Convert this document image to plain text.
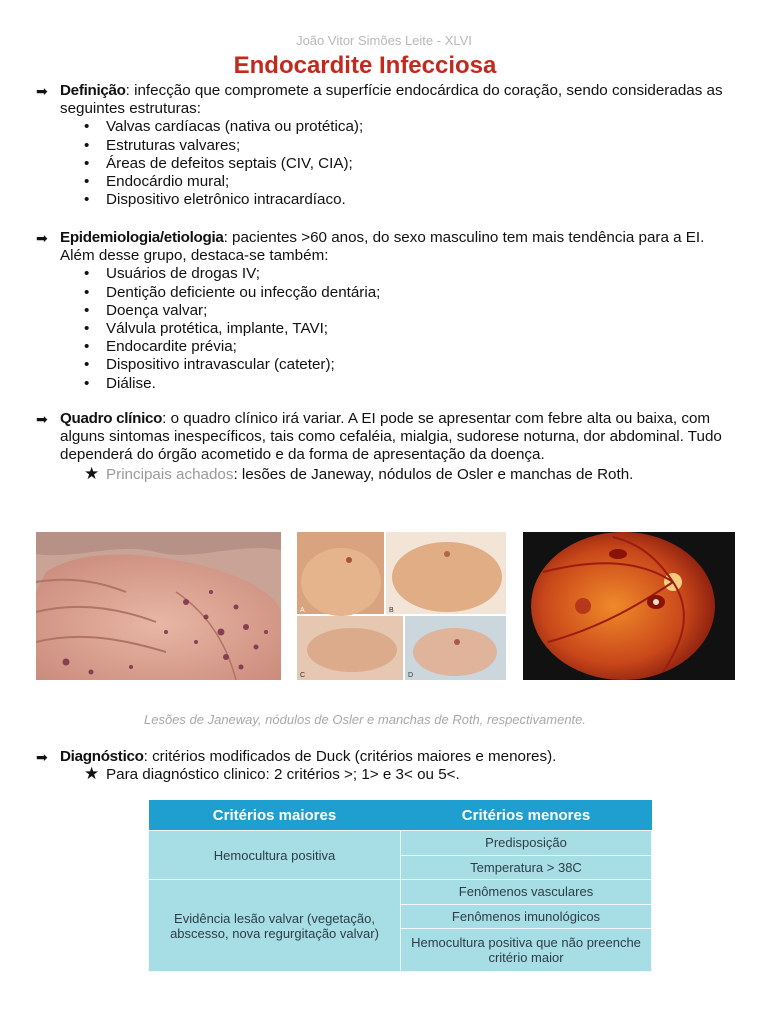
João Vitor Simões Leite - XLVI
Endocardite Infecciosa
➡ Definição: infecção que compromete a superfície endocárdica do coração, sendo consideradas as seguintes estruturas:
• Valvas cardíacas (nativa ou protética);
• Estruturas valvares;
• Áreas de defeitos septais (CIV, CIA);
• Endocárdio mural;
• Dispositivo eletrônico intracardíaco.
➡ Epidemiologia/etiologia: pacientes >60 anos, do sexo masculino tem mais tendência para a EI. Além desse grupo, destaca-se também:
• Usuários de drogas IV;
• Dentição deficiente ou infecção dentária;
• Doença valvar;
• Válvula protética, implante, TAVI;
• Endocardite prévia;
• Dispositivo intravascular (cateter);
• Diálise.
➡ Quadro clínico: o quadro clínico irá variar. A EI pode se apresentar com febre alta ou baixa, com alguns sintomas inespecíficos, tais como cefaléia, mialgia, sudorese noturna, dor abdominal. Tudo dependerá do órgão acometido e da forma de apresentação da doença.
★ Principais achados: lesões de Janeway, nódulos de Osler e manchas de Roth.
A	B
C	D
Lesões de Janeway, nódulos de Osler e manchas de Roth, respectivamente.
➡ Diagnóstico: critérios modificados de Duck (critérios maiores e menores).
★ Para diagnóstico clinico: 2 critérios >; 1> e 3< ou 5<.
Critérios maiores	Critérios menores
Hemocultura positiva	Predisposição
	Temperatura > 38C
Evidência lesão valvar (vegetação, abscesso, nova regurgitação valvar)	Fenômenos vasculares
	Fenômenos imunológicos
	Hemocultura positiva que não preenche critério maior
